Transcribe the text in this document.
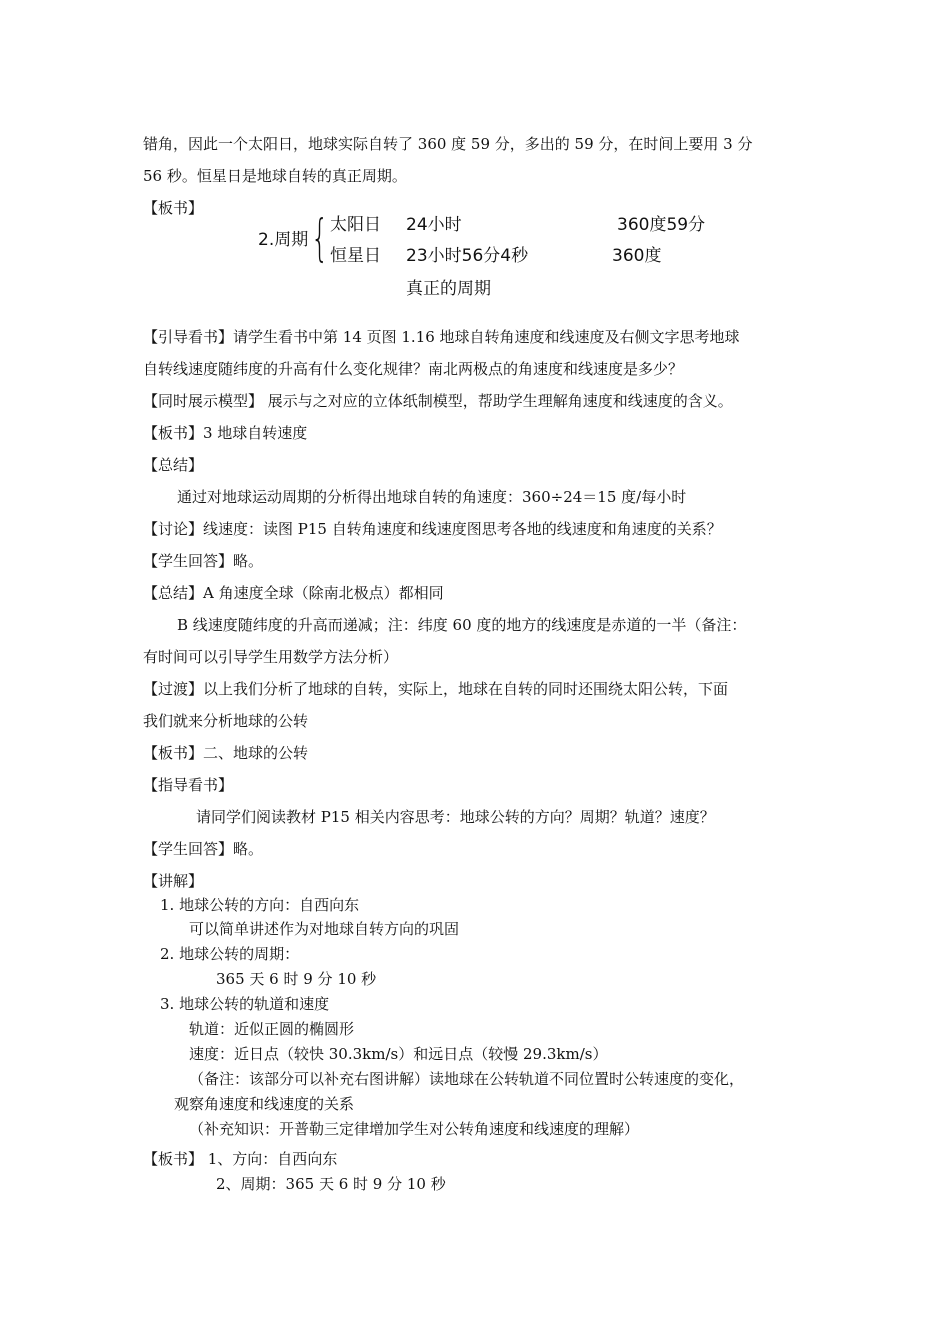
错角，因此一个太阳日，地球实际自转了 360 度 59 分，多出的 59 分，在时间上要用 3 分
56 秒。恒星日是地球自转的真正周期。
【板书】
2.周期 { 太阳日 24小时	360度59分
恒星日 23小时56分4秒	360度
真正的周期
【引导看书】请学生看书中第 14 页图 1.16 地球自转角速度和线速度及右侧文字思考地球
自转线速度随纬度的升高有什么变化规律？南北两极点的角速度和线速度是多少？
【同时展示模型】 展示与之对应的立体纸制模型，帮助学生理解角速度和线速度的含义。
【板书】3 地球自转速度
【总结】
通过对地球运动周期的分析得出地球自转的角速度：360÷24＝15 度/每小时
【讨论】线速度：读图 P15 自转角速度和线速度图思考各地的线速度和角速度的关系？
【学生回答】略。
【总结】A 角速度全球（除南北极点）都相同
B 线速度随纬度的升高而递减；注：纬度 60 度的地方的线速度是赤道的一半（备注：
有时间可以引导学生用数学方法分析）
【过渡】以上我们分析了地球的自转，实际上，地球在自转的同时还围绕太阳公转，下面
我们就来分析地球的公转
【板书】二、地球的公转
【指导看书】
请同学们阅读教材 P15 相关内容思考：地球公转的方向？周期？轨道？速度？
【学生回答】略。
【讲解】
1. 地球公转的方向：自西向东
可以简单讲述作为对地球自转方向的巩固
2. 地球公转的周期：
365 天 6 时 9 分 10 秒
3. 地球公转的轨道和速度
轨道：近似正圆的椭圆形
速度：近日点（较快 30.3km/s）和远日点（较慢 29.3km/s）
（备注：该部分可以补充右图讲解）读地球在公转轨道不同位置时公转速度的变化，
观察角速度和线速度的关系
（补充知识：开普勒三定律增加学生对公转角速度和线速度的理解）
【板书】 1、方向：自西向东
2、周期：365 天 6 时 9 分 10 秒
